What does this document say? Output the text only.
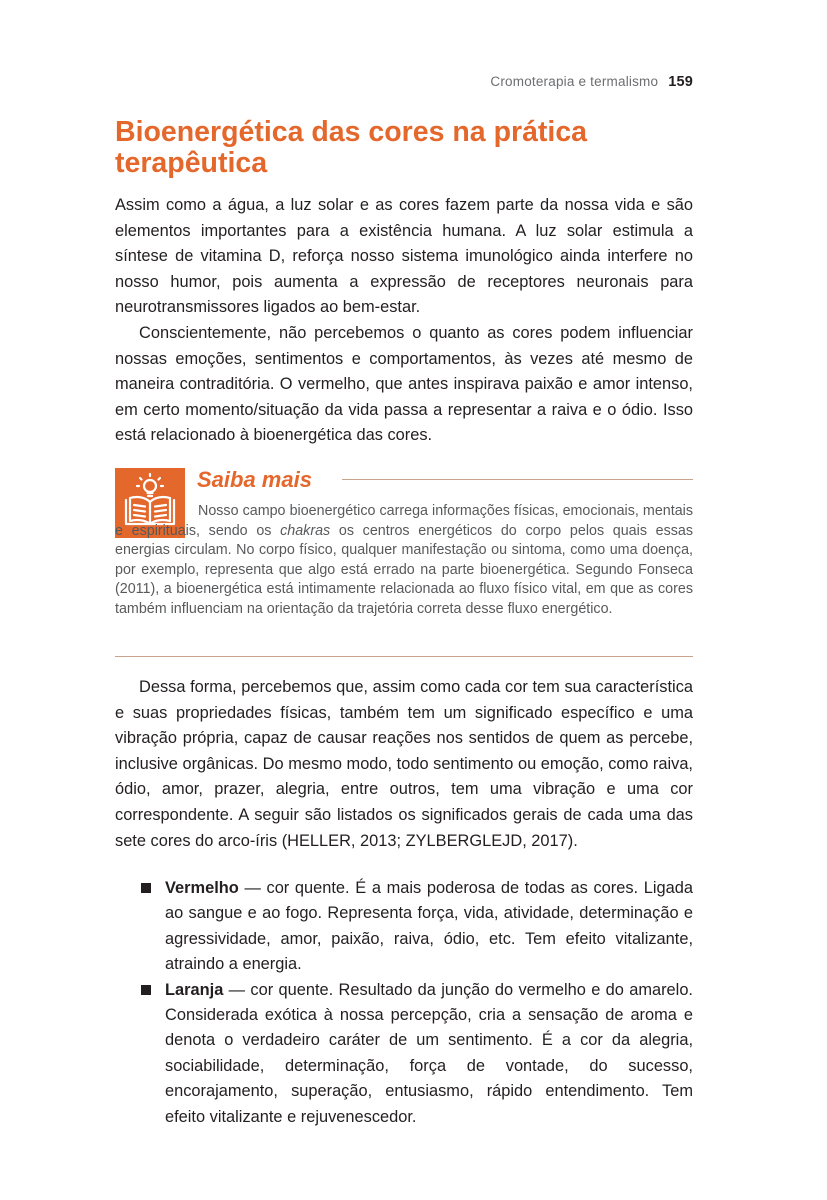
Cromoterapia e termalismo 159
Bioenergética das cores na prática terapêutica

Assim como a água, a luz solar e as cores fazem parte da nossa vida e são elementos importantes para a existência humana. A luz solar estimula a síntese de vitamina D, reforça nosso sistema imunológico ainda interfere no nosso humor, pois aumenta a expressão de receptores neuronais para neurotransmissores ligados ao bem-estar.

Conscientemente, não percebemos o quanto as cores podem influenciar nossas emoções, sentimentos e comportamentos, às vezes até mesmo de maneira contraditória. O vermelho, que antes inspirava paixão e amor intenso, em certo momento/situação da vida passa a representar a raiva e o ódio. Isso está relacionado à bioenergética das cores.

Saiba mais

Nosso campo bioenergético carrega informações físicas, emocionais, mentais e espirituais, sendo os chakras os centros energéticos do corpo pelos quais essas energias circulam. No corpo físico, qualquer manifestação ou sintoma, como uma doença, por exemplo, representa que algo está errado na parte bioenergética. Segundo Fonseca (2011), a bioenergética está intimamente relacionada ao fluxo físico vital, em que as cores também influenciam na orientação da trajetória correta desse fluxo energético.

Dessa forma, percebemos que, assim como cada cor tem sua característica e suas propriedades físicas, também tem um significado específico e uma vibração própria, capaz de causar reações nos sentidos de quem as percebe, inclusive orgânicas. Do mesmo modo, todo sentimento ou emoção, como raiva, ódio, amor, prazer, alegria, entre outros, tem uma vibração e uma cor correspondente. A seguir são listados os significados gerais de cada uma das sete cores do arco-íris (HELLER, 2013; ZYLBERGLEJD, 2017).

Vermelho — cor quente. É a mais poderosa de todas as cores. Ligada ao sangue e ao fogo. Representa força, vida, atividade, determinação e agressividade, amor, paixão, raiva, ódio, etc. Tem efeito vitalizante, atraindo a energia.
Laranja — cor quente. Resultado da junção do vermelho e do amarelo. Considerada exótica à nossa percepção, cria a sensação de aroma e denota o verdadeiro caráter de um sentimento. É a cor da alegria, sociabilidade, determinação, força de vontade, do sucesso, encorajamento, superação, entusiasmo, rápido entendimento. Tem efeito vitalizante e rejuvenescedor.
